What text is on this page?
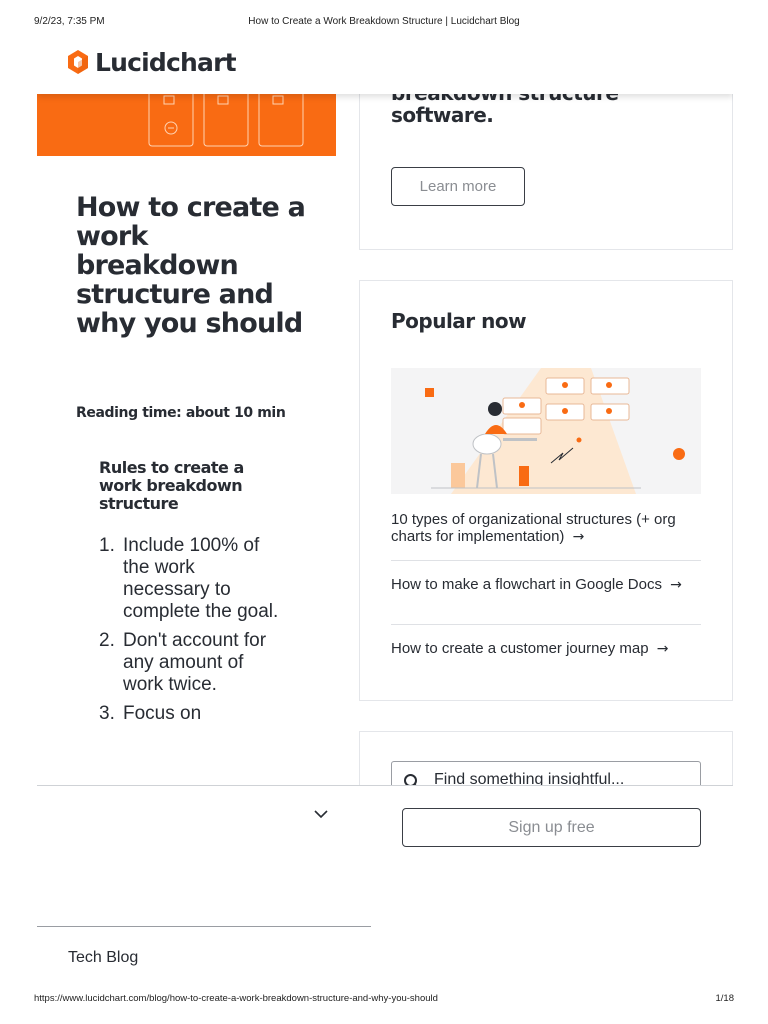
9/2/23, 7:35 PM	How to Create a Work Breakdown Structure | Lucidchart Blog
How to create a work breakdown structure and why you should
Reading time: about 10 min
Rules to create a work breakdown structure
1. Include 100% of the work necessary to complete the goal.
2. Don't account for any amount of work twice.
3. Focus on
software.
Learn more
Popular now
10 types of organizational structures (+ org charts for implementation) →
How to make a flowchart in Google Docs →
How to create a customer journey map →
Find something insightful...
Sign up free
Tech Blog
Lucidchart
https://www.lucidchart.com/blog/how-to-create-a-work-breakdown-structure-and-why-you-should	1/18
